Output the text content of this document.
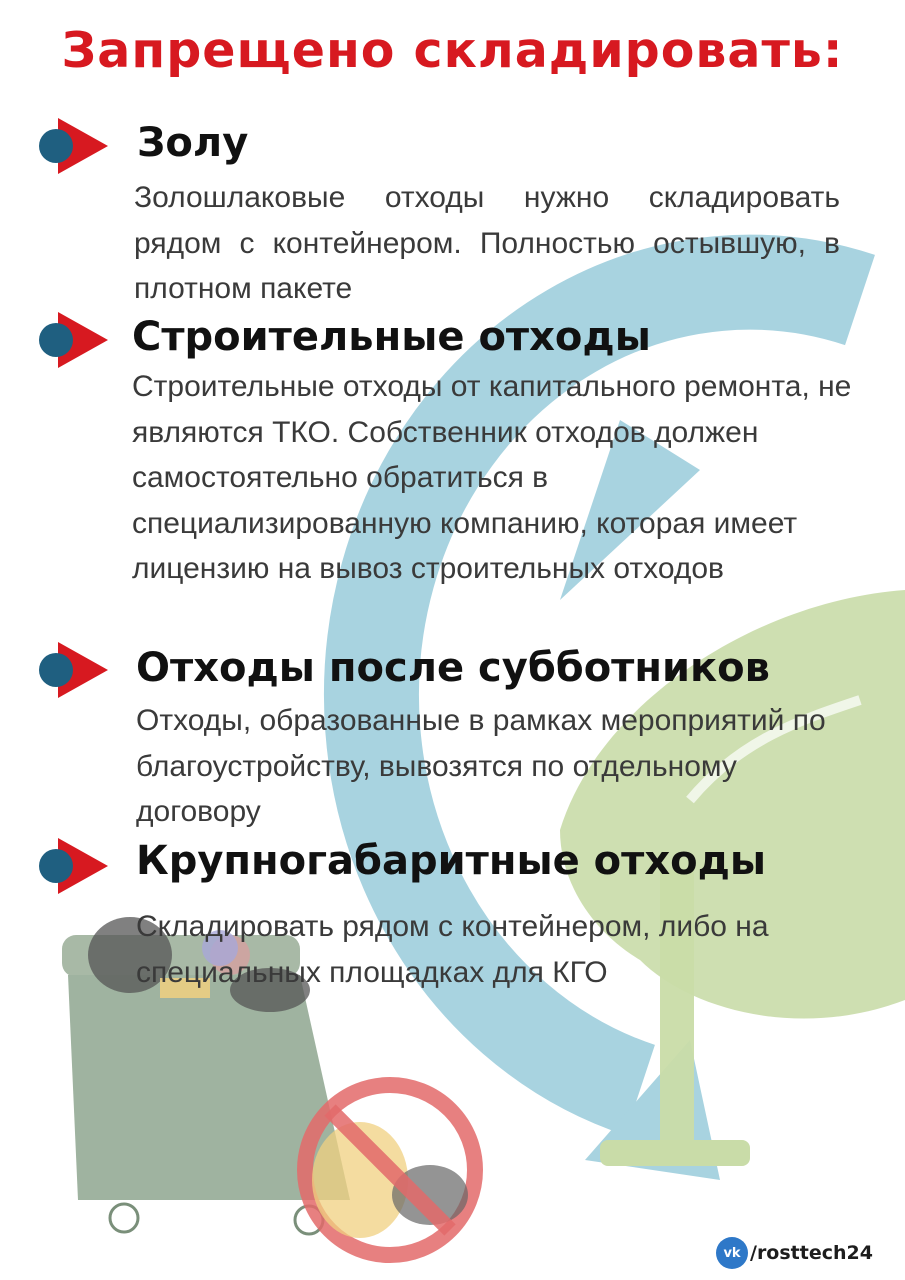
Запрещено складировать:
Золу

Золошлаковые отходы нужно складировать рядом с контейнером. Полностью остывшую, в плотном пакете

Строительные отходы

Строительные отходы от капитального ремонта, не являются ТКО. Собственник отходов должен самостоятельно обратиться в специализированную компанию, которая имеет лицензию на вывоз строительных отходов

Отходы после субботников

Отходы, образованные в рамках мероприятий по благоустройству, вывозятся по отдельному договору

Крупногабаритные отходы

Складировать рядом с контейнером, либо на специальных площадках для КГО

vk /rosttech24
